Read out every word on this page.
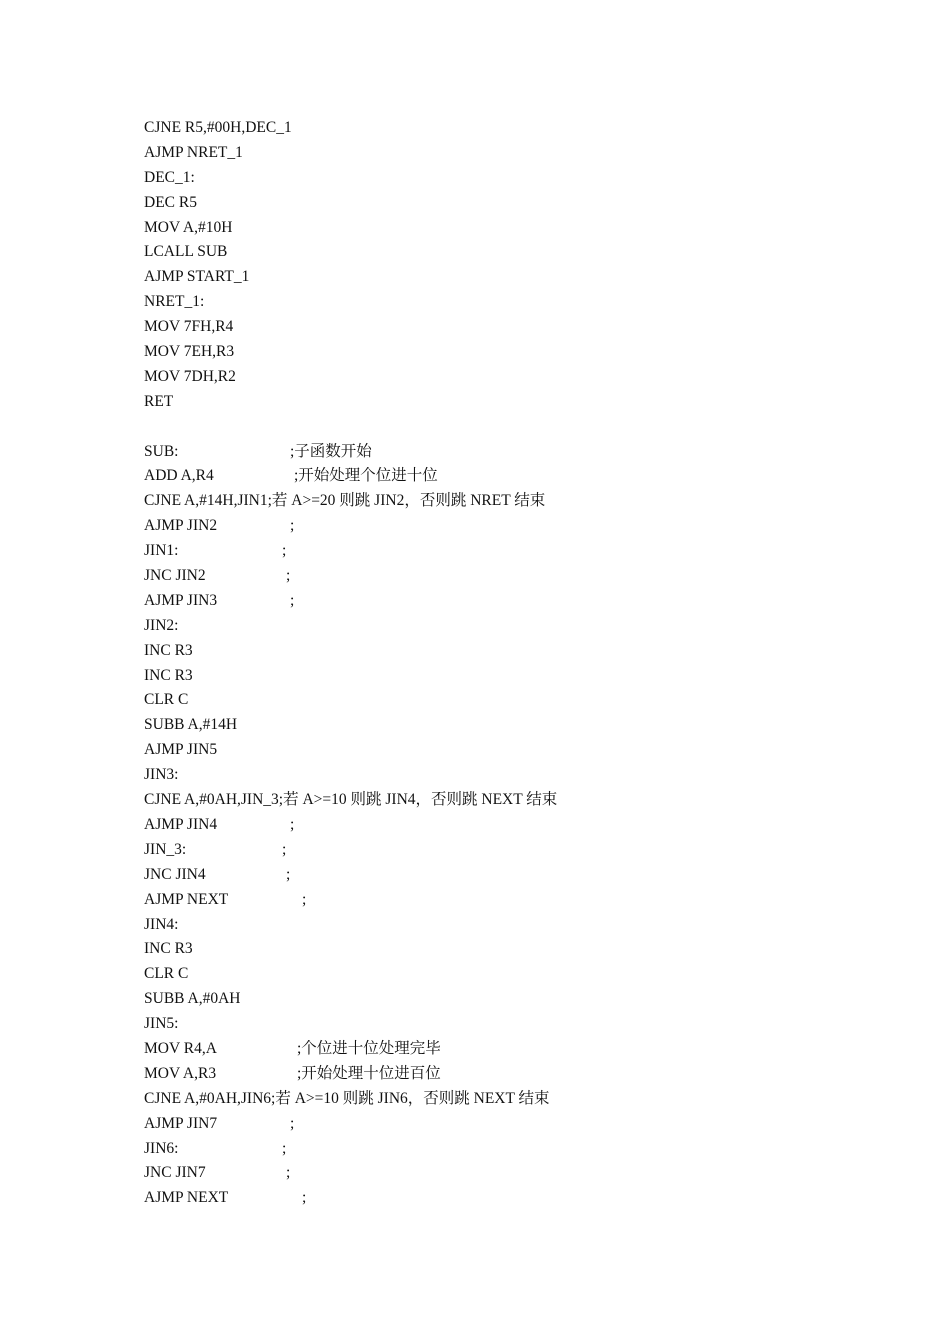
CJNE R5,#00H,DEC_1
AJMP NRET_1
DEC_1:
DEC R5
MOV A,#10H
LCALL SUB
AJMP START_1
NRET_1:
MOV 7FH,R4
MOV 7EH,R3
MOV 7DH,R2
RET
SUB:	;子函数开始
ADD A,R4	;开始处理个位进十位
CJNE A,#14H,JIN1;若 A>=20 则跳 JIN2，否则跳 NRET 结束
AJMP JIN2	;
JIN1:	;
JNC JIN2	;
AJMP JIN3	;
JIN2:
INC R3
INC R3
CLR C
SUBB A,#14H
AJMP JIN5
JIN3:
CJNE A,#0AH,JIN_3;若 A>=10 则跳 JIN4，否则跳 NEXT 结束
AJMP JIN4	;
JIN_3:	;
JNC JIN4	;
AJMP NEXT	;
JIN4:
INC R3
CLR C
SUBB A,#0AH
JIN5:
MOV R4,A	;个位进十位处理完毕
MOV A,R3	;开始处理十位进百位
CJNE A,#0AH,JIN6;若 A>=10 则跳 JIN6，否则跳 NEXT 结束
AJMP JIN7	;
JIN6:	;
JNC JIN7	;
AJMP NEXT	;
